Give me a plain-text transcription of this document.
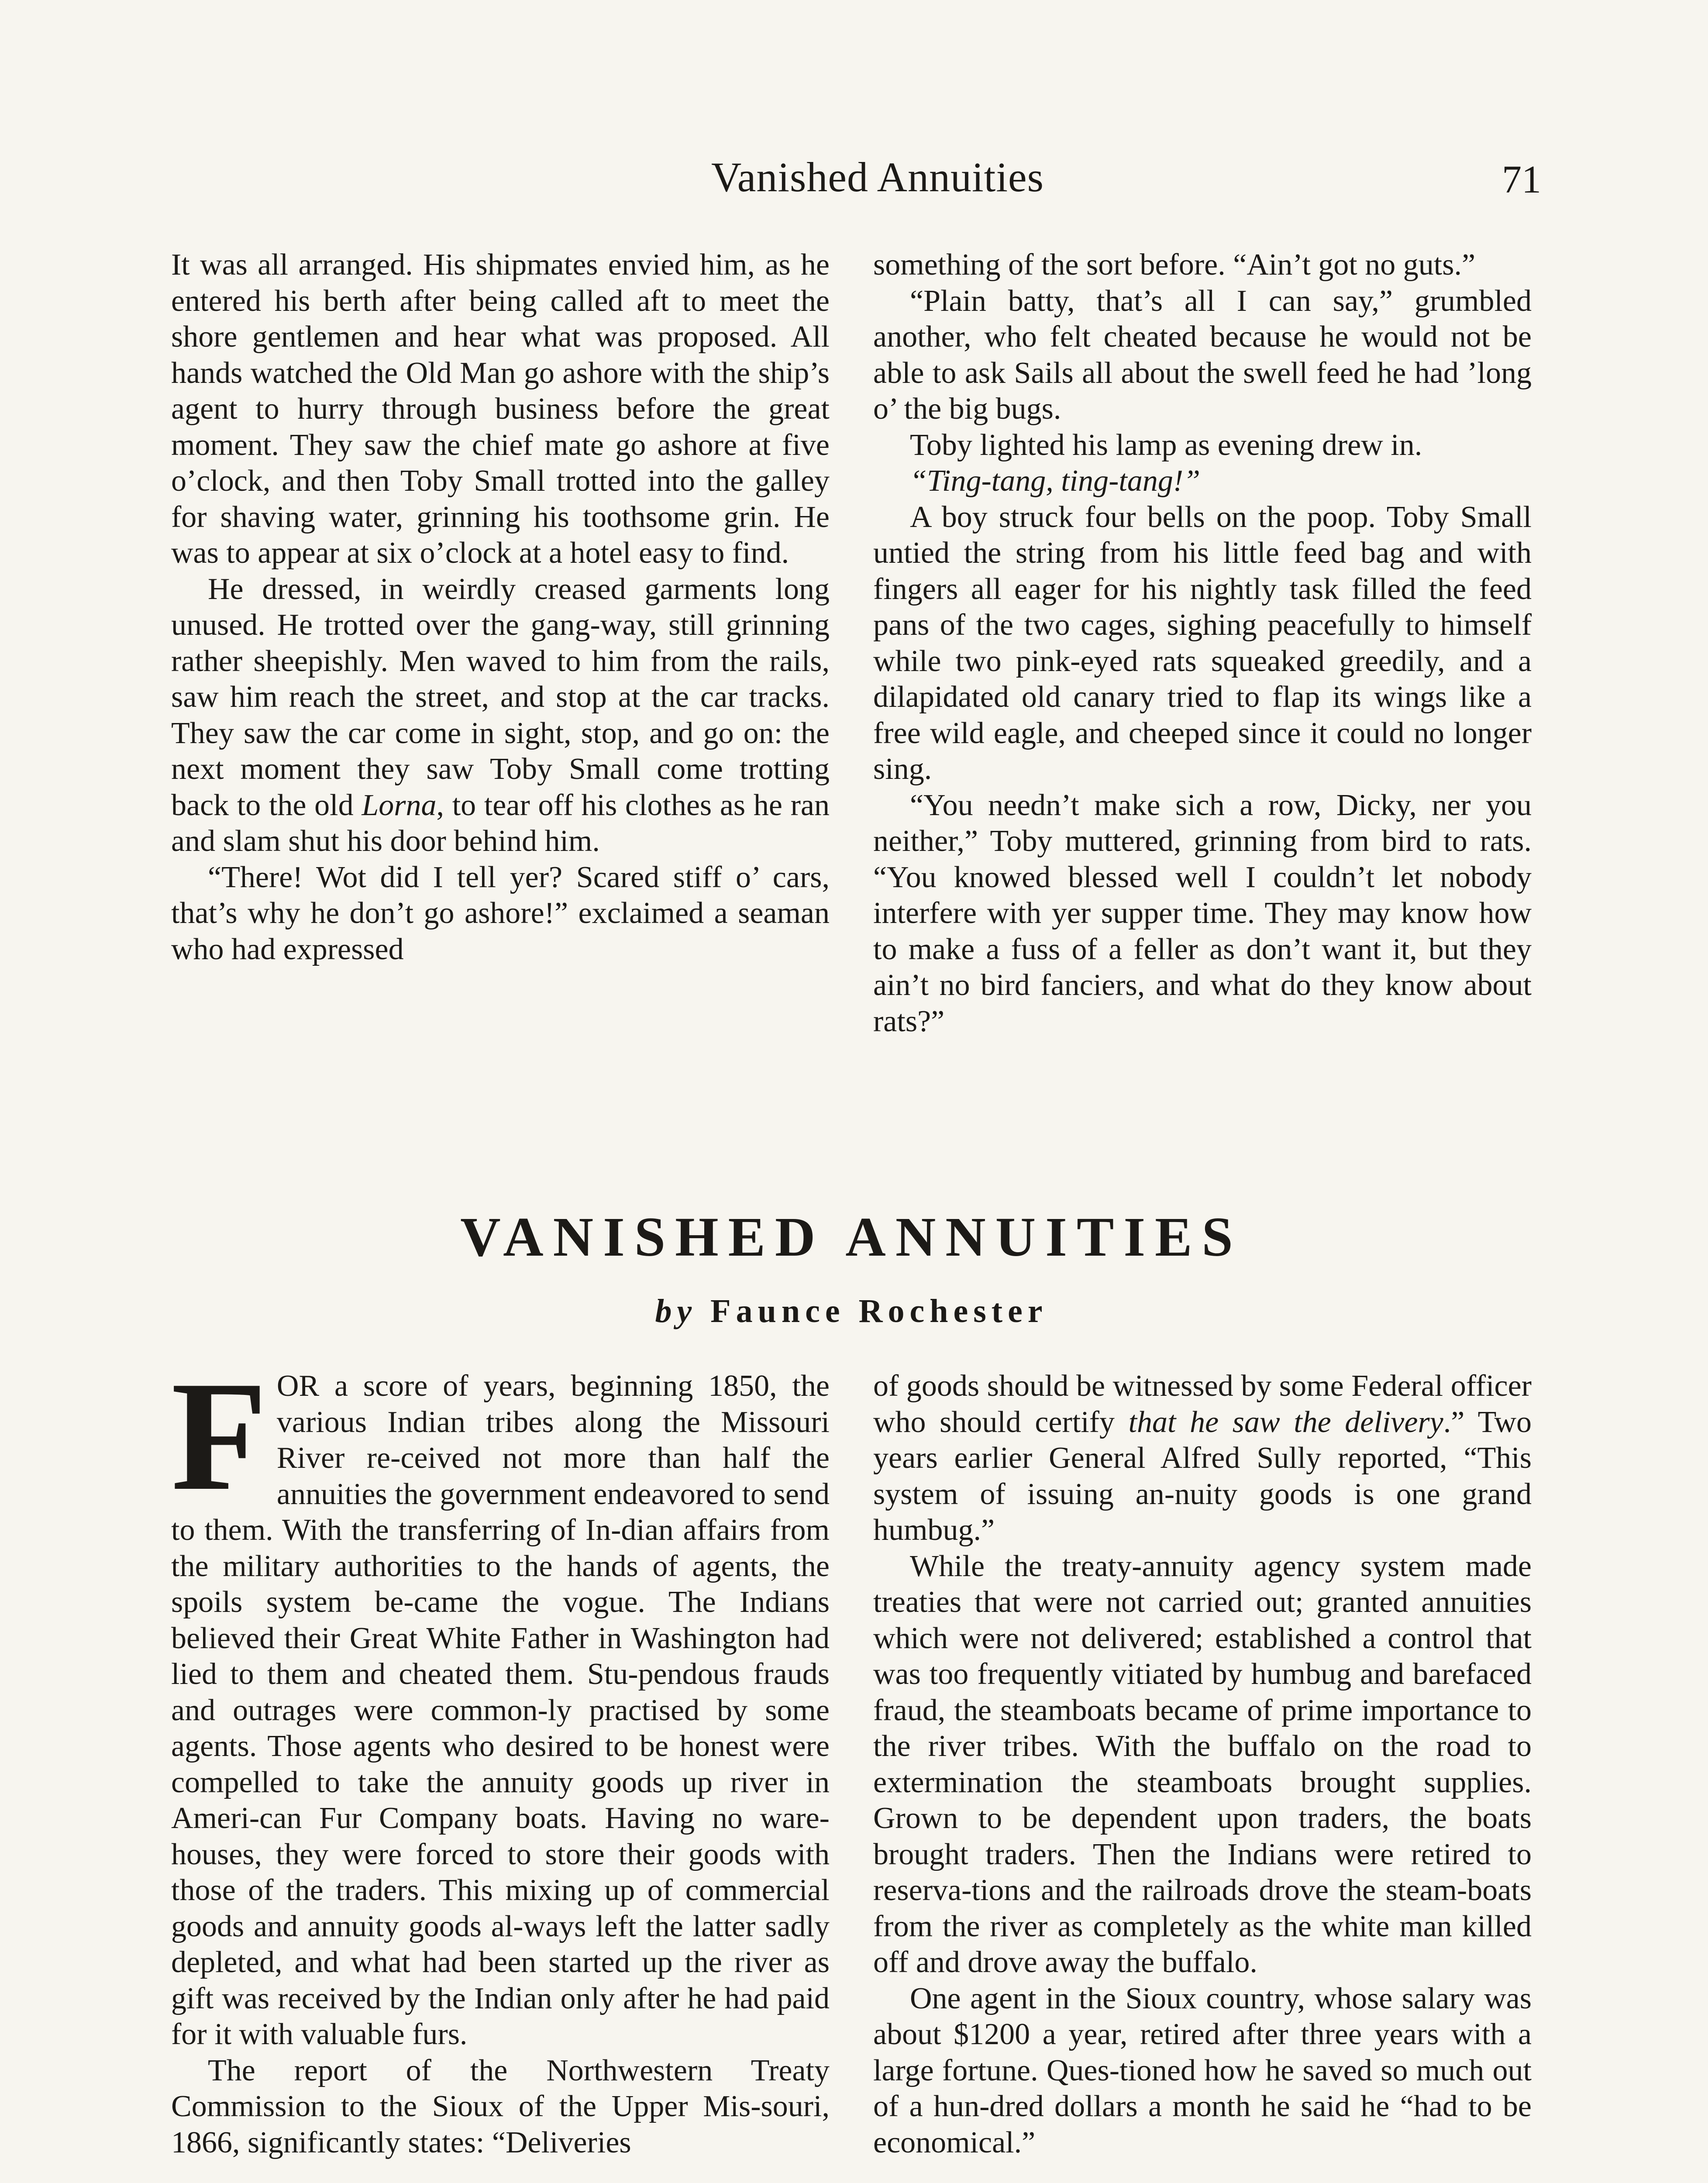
Vanished Annuities	71

It was all arranged. His shipmates envied him, as he entered his berth after being called aft to meet the shore gentlemen and hear what was proposed. All hands watched the Old Man go ashore with the ship’s agent to hurry through business before the great moment. They saw the chief mate go ashore at five o’clock, and then Toby Small trotted into the galley for shaving water, grinning his toothsome grin. He was to appear at six o’clock at a hotel easy to find.

He dressed, in weirdly creased garments long unused. He trotted over the gang-way, still grinning rather sheepishly. Men waved to him from the rails, saw him reach the street, and stop at the car tracks. They saw the car come in sight, stop, and go on: the next moment they saw Toby Small come trotting back to the old Lorna, to tear off his clothes as he ran and slam shut his door behind him.

“There! Wot did I tell yer? Scared stiff o’ cars, that’s why he don’t go ashore!” exclaimed a seaman who had expressed

something of the sort before. “Ain’t got no guts.”

“Plain batty, that’s all I can say,” grumbled another, who felt cheated because he would not be able to ask Sails all about the swell feed he had ’long o’ the big bugs.

Toby lighted his lamp as evening drew in.

“Ting-tang, ting-tang!”

A boy struck four bells on the poop. Toby Small untied the string from his little feed bag and with fingers all eager for his nightly task filled the feed pans of the two cages, sighing peacefully to himself while two pink-eyed rats squeaked greedily, and a dilapidated old canary tried to flap its wings like a free wild eagle, and cheeped since it could no longer sing.

“You needn’t make sich a row, Dicky, ner you neither,” Toby muttered, grinning from bird to rats. “You knowed blessed well I couldn’t let nobody interfere with yer supper time. They may know how to make a fuss of a feller as don’t want it, but they ain’t no bird fanciers, and what do they know about rats?”

VANISHED ANNUITIES
by Faunce Rochester

FOR a score of years, beginning 1850, the various Indian tribes along the Missouri River re-ceived not more than half the annuities the government endeavored to send to them. With the transferring of In-dian affairs from the military authorities to the hands of agents, the spoils system be-came the vogue. The Indians believed their Great White Father in Washington had lied to them and cheated them. Stu-pendous frauds and outrages were common-ly practised by some agents. Those agents who desired to be honest were compelled to take the annuity goods up river in Ameri-can Fur Company boats. Having no ware-houses, they were forced to store their goods with those of the traders. This mixing up of commercial goods and annuity goods al-ways left the latter sadly depleted, and what had been started up the river as gift was received by the Indian only after he had paid for it with valuable furs.

The report of the Northwestern Treaty Commission to the Sioux of the Upper Mis-souri, 1866, significantly states: “Deliveries

of goods should be witnessed by some Federal officer who should certify that he saw the delivery.” Two years earlier General Alfred Sully reported, “This system of issuing an-nuity goods is one grand humbug.”

While the treaty-annuity agency system made treaties that were not carried out; granted annuities which were not delivered; established a control that was too frequently vitiated by humbug and barefaced fraud, the steamboats became of prime importance to the river tribes. With the buffalo on the road to extermination the steamboats brought supplies. Grown to be dependent upon traders, the boats brought traders. Then the Indians were retired to reserva-tions and the railroads drove the steam-boats from the river as completely as the white man killed off and drove away the buffalo.

One agent in the Sioux country, whose salary was about $1200 a year, retired after three years with a large fortune. Ques-tioned how he saved so much out of a hun-dred dollars a month he said he “had to be economical.”
